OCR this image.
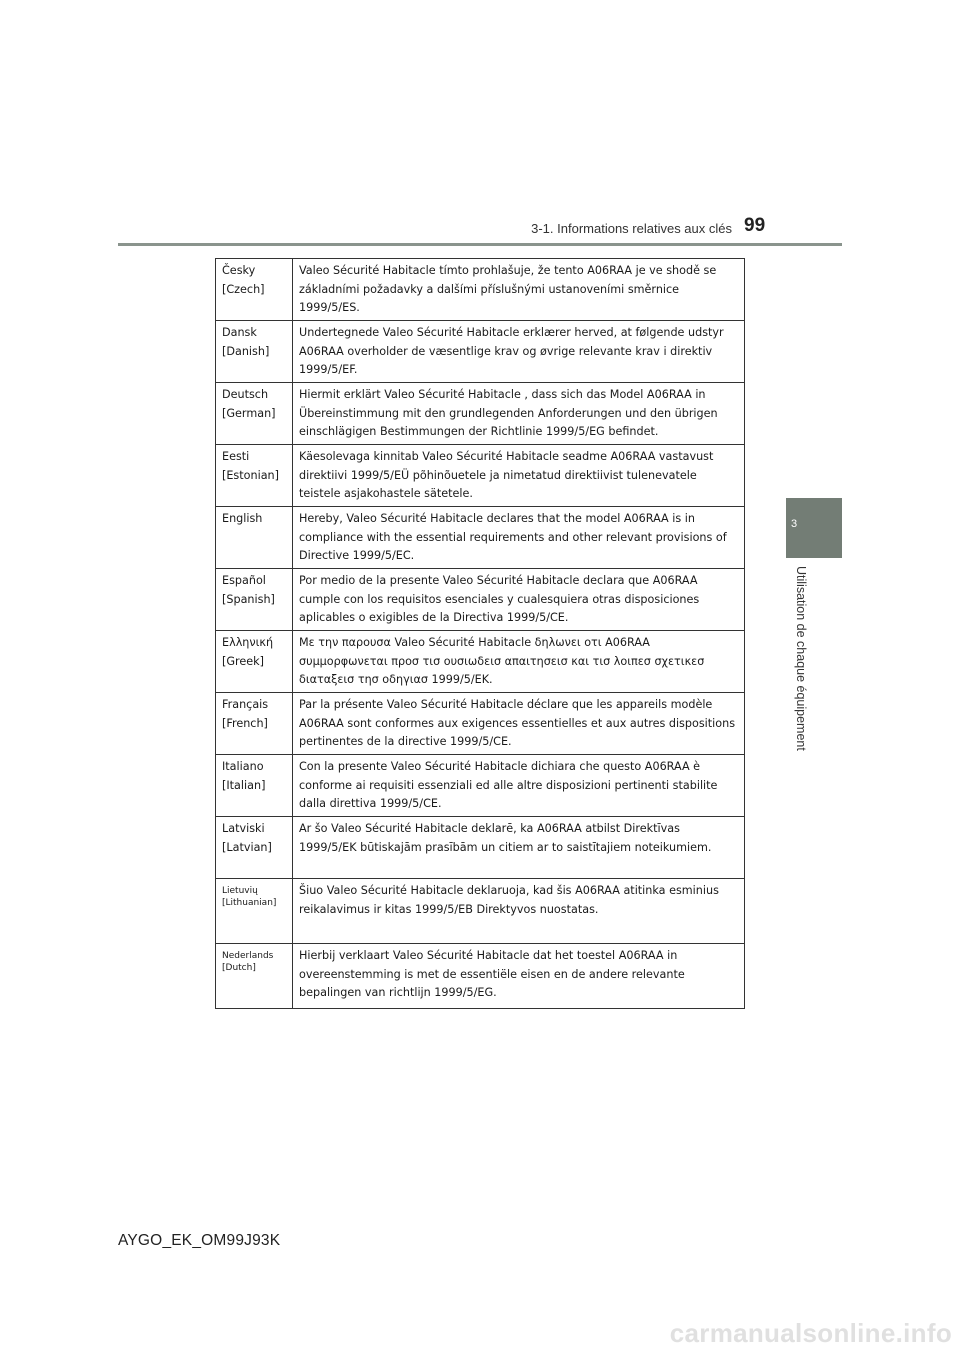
3-1. Informations relatives aux clés 99
3
Utilisation de chaque équipement
Česky
[Czech]	Valeo Sécurité Habitacle tímto prohlašuje, že tento A06RAA je ve shodě se základními požadavky a dalšími příslušnými ustanoveními směrnice 1999/5/ES.
Dansk
[Danish]	Undertegnede Valeo Sécurité Habitacle erklærer herved, at følgende udstyr A06RAA overholder de væsentlige krav og øvrige relevante krav i direktiv 1999/5/EF.
Deutsch
[German]	Hiermit erklärt Valeo Sécurité Habitacle , dass sich das Model A06RAA in Übereinstimmung mit den grundlegenden Anforderungen und den übrigen einschlägigen Bestimmungen der Richtlinie 1999/5/EG befindet.
Eesti
[Estonian]	Käesolevaga kinnitab Valeo Sécurité Habitacle seadme A06RAA vastavust direktiivi 1999/5/EÜ põhinõuetele ja nimetatud direktiivist tulenevatele teistele asjakohastele sätetele.
English	Hereby, Valeo Sécurité Habitacle declares that the model A06RAA is in compliance with the essential requirements and other relevant provisions of Directive 1999/5/EC.
Español
[Spanish]	Por medio de la presente Valeo Sécurité Habitacle declara que A06RAA cumple con los requisitos esenciales y cualesquiera otras disposiciones aplicables o exigibles de la Directiva 1999/5/CE.
Ελληνική
[Greek]	Με την παρουσα Valeo Sécurité Habitacle δηλωνει οτι A06RAA συμμορφωνεται προσ τισ ουσιωδεισ απαιτησεισ και τισ λοιπεσ σχετικεσ διαταξεισ τησ οδηγιασ 1999/5/ΕΚ.
Français
[French]	Par la présente Valeo Sécurité Habitacle déclare que les appareils modèle A06RAA sont conformes aux exigences essentielles et aux autres dispositions pertinentes de la directive 1999/5/CE.
Italiano
[Italian]	Con la presente Valeo Sécurité Habitacle dichiara che questo A06RAA è conforme ai requisiti essenziali ed alle altre disposizioni pertinenti stabilite dalla direttiva 1999/5/CE.
Latviski
[Latvian]	Ar šo Valeo Sécurité Habitacle deklarē, ka A06RAA atbilst Direktīvas 1999/5/EK būtiskajām prasībām un citiem ar to saistītajiem noteikumiem.
Lietuvių
[Lithuanian]	Šiuo Valeo Sécurité Habitacle deklaruoja, kad šis A06RAA atitinka esminius reikalavimus ir kitas 1999/5/EB Direktyvos nuostatas.
Nederlands
[Dutch]	Hierbij verklaart Valeo Sécurité Habitacle dat het toestel A06RAA in overeenstemming is met de essentiële eisen en de andere relevante bepalingen van richtlijn 1999/5/EG.
AYGO_EK_OM99J93K
carmanualsonline.info
